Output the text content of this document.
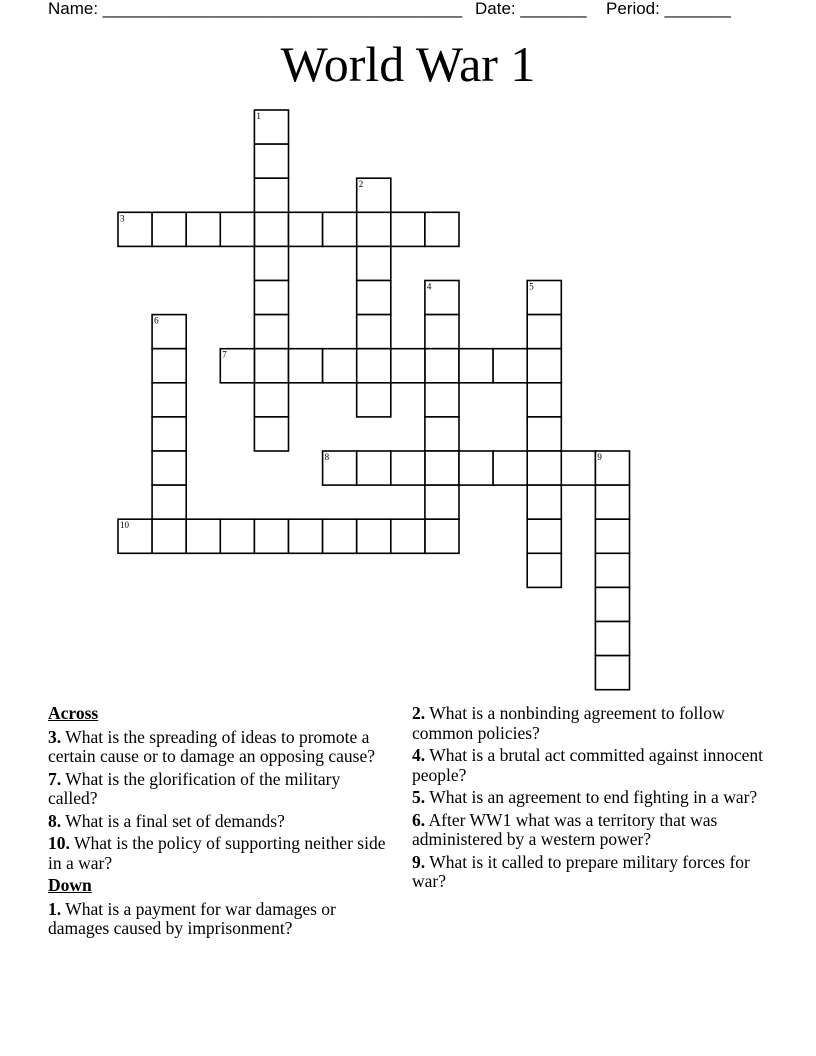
Name: ______________________________________ Date: _______ Period: _______
World War 1
1
2
3
4	5
6
7
8	9
10
Across
3. What is the spreading of ideas to promote a certain cause or to damage an opposing cause?
7. What is the glorification of the military called?
8. What is a final set of demands?
10. What is the policy of supporting neither side in a war?
Down
1. What is a payment for war damages or damages caused by imprisonment?
2. What is a nonbinding agreement to follow common policies?
4. What is a brutal act committed against innocent people?
5. What is an agreement to end fighting in a war?
6. After WW1 what was a territory that was administered by a western power?
9. What is it called to prepare military forces for war?
